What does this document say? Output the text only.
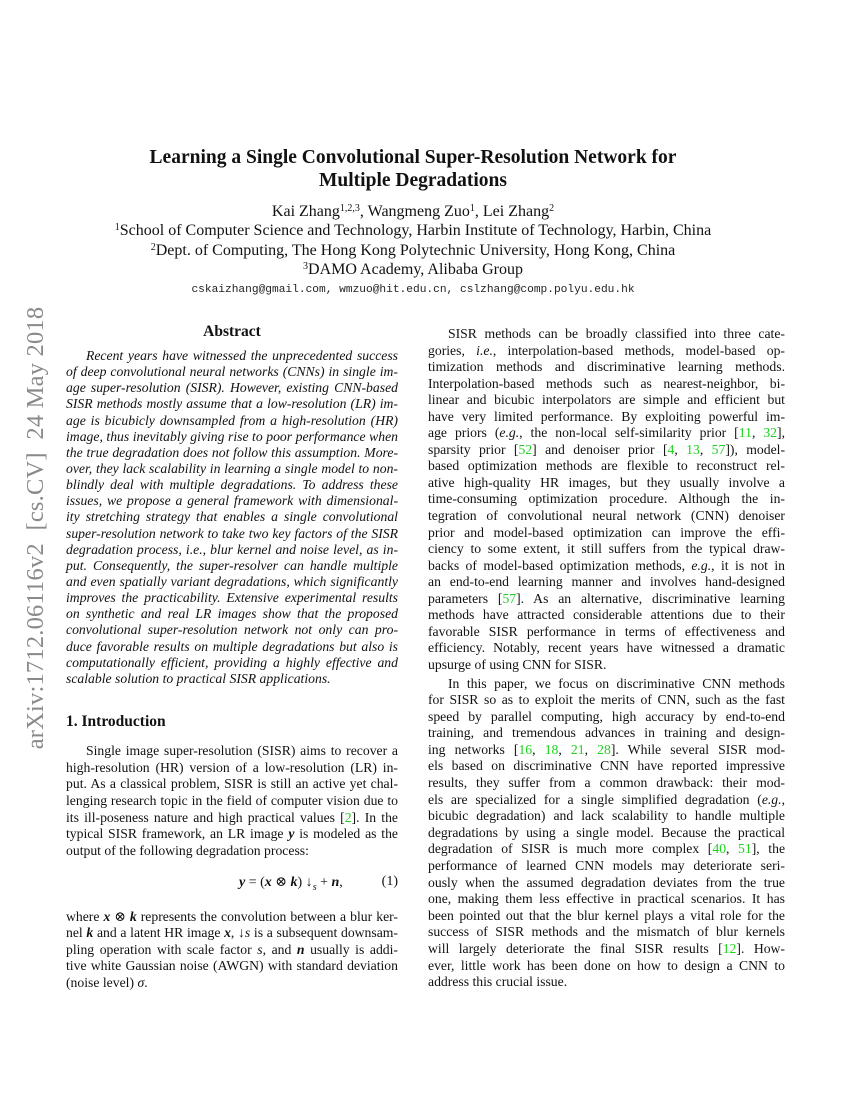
arXiv:1712.06116v2  [cs.CV]  24 May 2018
Learning a Single Convolutional Super-Resolution Network for
Multiple Degradations
Kai Zhang$^{1,2,3}$, Wangmeng Zuo$^1$, Lei Zhang$^2$
$^1$School of Computer Science and Technology, Harbin Institute of Technology, Harbin, China
$^2$Dept. of Computing, The Hong Kong Polytechnic University, Hong Kong, China
$^3$DAMO Academy, Alibaba Group
cskaizhang@gmail.com, wmzuo@hit.edu.cn, cslzhang@comp.polyu.edu.hk
Abstract
Recent years have witnessed the unprecedented success
of deep convolutional neural networks (CNNs) in single im-
age super-resolution (SISR). However, existing CNN-based
SISR methods mostly assume that a low-resolution (LR) im-
age is bicubicly downsampled from a high-resolution (HR)
image, thus inevitably giving rise to poor performance when
the true degradation does not follow this assumption. More-
over, they lack scalability in learning a single model to non-
blindly deal with multiple degradations. To address these
issues, we propose a general framework with dimensional-
ity stretching strategy that enables a single convolutional
super-resolution network to take two key factors of the SISR
degradation process, i.e., blur kernel and noise level, as in-
put. Consequently, the super-resolver can handle multiple
and even spatially variant degradations, which significantly
improves the practicability. Extensive experimental results
on synthetic and real LR images show that the proposed
convolutional super-resolution network not only can pro-
duce favorable results on multiple degradations but also is
computationally efficient, providing a highly effective and
scalable solution to practical SISR applications.
1. Introduction
Single image super-resolution (SISR) aims to recover a
high-resolution (HR) version of a low-resolution (LR) in-
put. As a classical problem, SISR is still an active yet chal-
lenging research topic in the field of computer vision due to
its ill-poseness nature and high practical values [2]. In the
typical SISR framework, an LR image y is modeled as the
output of the following degradation process:
y = (x ⊗ k) $↓_s + n$,	(1)
where x ⊗ k represents the convolution between a blur ker-
nel k and a latent HR image x, ↓s is a subsequent downsam-
pling operation with scale factor s, and n usually is addi-
tive white Gaussian noise (AWGN) with standard deviation
(noise level) σ.
SISR methods can be broadly classified into three cate-
gories, i.e., interpolation-based methods, model-based op-
timization methods and discriminative learning methods.
Interpolation-based methods such as nearest-neighbor, bi-
linear and bicubic interpolators are simple and efficient but
have very limited performance. By exploiting powerful im-
age priors (e.g., the non-local self-similarity prior [11, 32],
sparsity prior [52] and denoiser prior [4, 13, 57]), model-
based optimization methods are flexible to reconstruct rel-
ative high-quality HR images, but they usually involve a
time-consuming optimization procedure. Although the in-
tegration of convolutional neural network (CNN) denoiser
prior and model-based optimization can improve the effi-
ciency to some extent, it still suffers from the typical draw-
backs of model-based optimization methods, e.g., it is not in
an end-to-end learning manner and involves hand-designed
parameters [57]. As an alternative, discriminative learning
methods have attracted considerable attentions due to their
favorable SISR performance in terms of effectiveness and
efficiency. Notably, recent years have witnessed a dramatic
upsurge of using CNN for SISR.
In this paper, we focus on discriminative CNN methods
for SISR so as to exploit the merits of CNN, such as the fast
speed by parallel computing, high accuracy by end-to-end
training, and tremendous advances in training and design-
ing networks [16, 18, 21, 28]. While several SISR mod-
els based on discriminative CNN have reported impressive
results, they suffer from a common drawback: their mod-
els are specialized for a single simplified degradation (e.g.,
bicubic degradation) and lack scalability to handle multiple
degradations by using a single model. Because the practical
degradation of SISR is much more complex [40, 51], the
performance of learned CNN models may deteriorate seri-
ously when the assumed degradation deviates from the true
one, making them less effective in practical scenarios. It has
been pointed out that the blur kernel plays a vital role for the
success of SISR methods and the mismatch of blur kernels
will largely deteriorate the final SISR results [12]. How-
ever, little work has been done on how to design a CNN to
address this crucial issue.
